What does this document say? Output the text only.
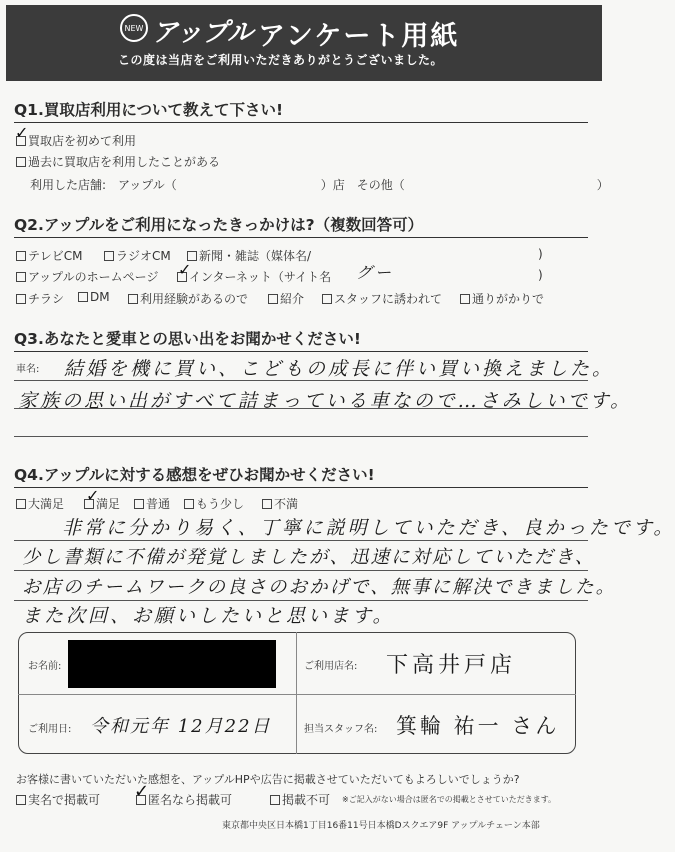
NEW アップル アンケート用紙
この度は当店をご利用いただきありがとうございました。
Q1.買取店利用について教えて下さい!
買取店を初めて利用
✓
過去に買取店を利用したことがある
利用した店舗:　アップル（　　　　　　　　　　　　）店　その他（　　　　　　　　　　　　　　　　）
Q2.アップルをご利用になったきっかけは?（複数回答可）
テレビCM	ラジオCM	新聞・雑誌（媒体名/	)
アップルのホームページ	インターネット（サイト名
✓	グー	)
チラシ	DM	利用経験があるので	紹介	スタッフに誘われて	通りがかりで
Q3.あなたと愛車との思い出をお聞かせください!
車名: 結婚を機に買い、こどもの成長に伴い買い換えました。
家族の思い出がすべて詰まっている車なので…さみしいです。
Q4.アップルに対する感想をぜひお聞かせください!
大満足	満足
✓	普通	もう少し	不満
非常に分かり易く、丁寧に説明していただき、良かったです。
少し書類に不備が発覚しましたが、迅速に対応していただき、
お店のチームワークの良さのおかげで、無事に解決できました。
また次回、お願いしたいと思います。
お名前:	ご利用店名: 下高井戸店
ご利用日: 令和元年 12月22日	担当スタッフ名: 箕輪 祐一 さん
お客様に書いていただいた感想を、アップルHPや広告に掲載させていただいてもよろしいでしょうか?
実名で掲載可	匿名なら掲載可
✓	掲載不可 ※ご記入がない場合は匿名での掲載とさせていただきます。
東京都中央区日本橋1丁目16番11号日本橋Dスクエア9F アップルチェーン本部
